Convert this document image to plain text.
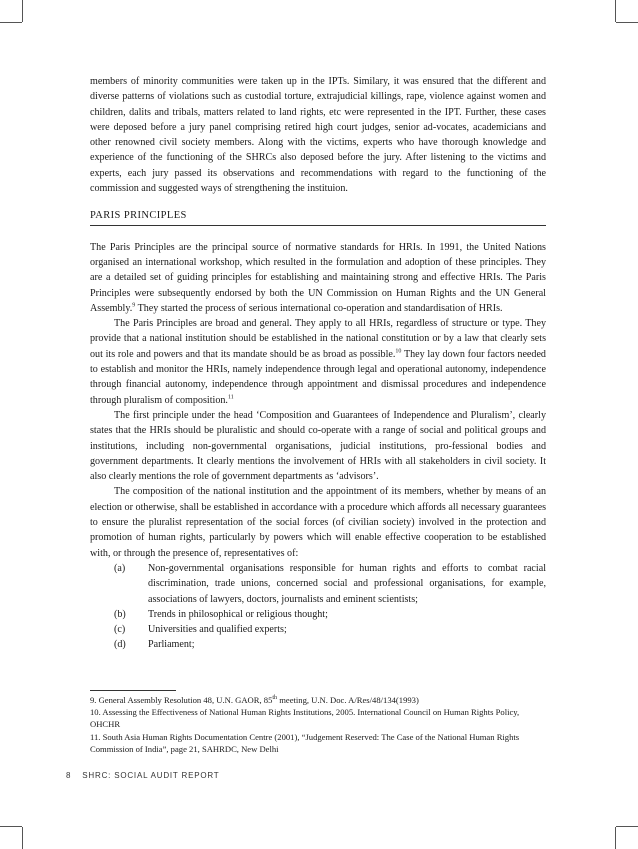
members of minority communities were taken up in the IPTs. Similary, it was ensured that the different and diverse patterns of violations such as custodial torture, extrajudicial killings, rape, violence against women and children, dalits and tribals, matters related to land rights, etc were represented in the IPT. Further, these cases were deposed before a jury panel comprising retired high court judges, senior ad-vocates, academicians and other renowned civil society members. Along with the victims, experts who have thorough knowledge and experience of the functioning of the SHRCs also deposed before the jury. After listening to the victims and experts, each jury passed its observations and recommendations with regard to the functioning of the commission and suggested ways of strengthening the instituion.

PARIS PRINCIPLES

The Paris Principles are the principal source of normative standards for HRIs. In 1991, the United Nations organised an international workshop, which resulted in the formulation and adoption of these principles. They are a detailed set of guiding principles for establishing and maintaining strong and effective HRIs. The Paris Principles were subsequently endorsed by both the UN Commission on Human Rights and the UN General Assembly.$^9$ They started the process of serious international co-operation and standardisation of HRIs.

The Paris Principles are broad and general. They apply to all HRIs, regardless of structure or type. They provide that a national institution should be established in the national constitution or by a law that clearly sets out its role and powers and that its mandate should be as broad as possible.$^{10}$ They lay down four factors needed to establish and monitor the HRIs, namely independence through legal and operational autonomy, independence through financial autonomy, independence through appointment and dismissal procedures and independence through pluralism of composition.$^{11}$

The first principle under the head ‘Composition and Guarantees of Independence and Pluralism’, clearly states that the HRIs should be pluralistic and should co-operate with a range of social and political groups and institutions, including non-governmental organisations, judicial institutions, pro-fessional bodies and government departments. It clearly mentions the involvement of HRIs with all stakeholders in civil society. It also clearly mentions the role of government departments as ‘advisors’.

The composition of the national institution and the appointment of its members, whether by means of an election or otherwise, shall be established in accordance with a procedure which affords all necessary guarantees to ensure the pluralist representation of the social forces (of civilian society) involved in the protection and promotion of human rights, particularly by powers which will enable effective cooperation to be established with, or through the presence of, representatives of:

(a) Non-governmental organisations responsible for human rights and efforts to combat racial discrimination, trade unions, concerned social and professional organisations, for example, associations of lawyers, doctors, journalists and eminent scientists;
(b) Trends in philosophical or religious thought;
(c) Universities and qualified experts;
(d) Parliament;

9. General Assembly Resolution 48, U.N. GAOR, 85th meeting, U.N. Doc. A/Res/48/134(1993)

10. Assessing the Effectiveness of National Human Rights Institutions, 2005. International Council on Human Rights Policy, OHCHR

11. South Asia Human Rights Documentation Centre (2001), “Judgement Reserved: The Case of the National Human Rights Commission of India”, page 21, SAHRDC, New Delhi

8 SHRC: SOCIAL AUDIT REPORT
